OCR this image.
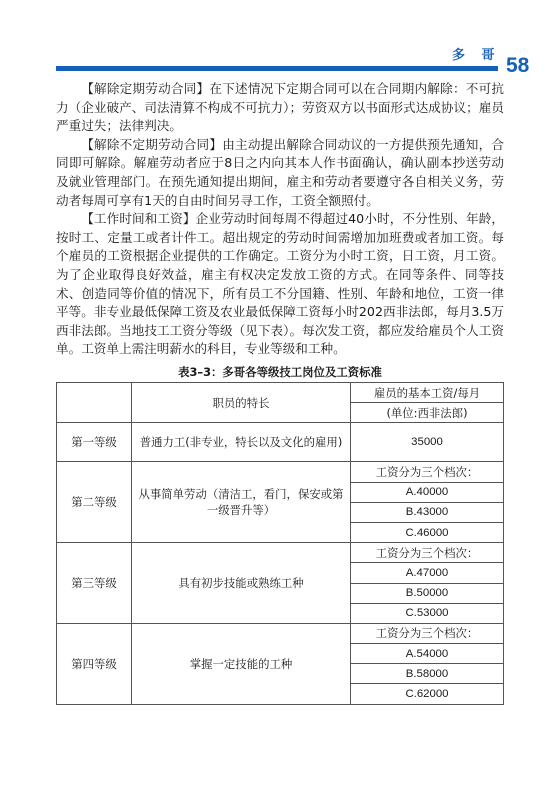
多 哥 58

【解除定期劳动合同】在下述情况下定期合同可以在合同期内解除：不可抗力（企业破产、司法清算不构成不可抗力）；劳资双方以书面形式达成协议；雇员严重过失；法律判决。

【解除不定期劳动合同】由主动提出解除合同动议的一方提供预先通知，合同即可解除。解雇劳动者应于8日之内向其本人作书面确认，确认副本抄送劳动及就业管理部门。在预先通知提出期间，雇主和劳动者要遵守各自相关义务，劳动者每周可享有1天的自由时间另寻工作，工资全额照付。

【工作时间和工资】企业劳动时间每周不得超过40小时，不分性别、年龄，按时工、定量工或者计件工。超出规定的劳动时间需增加加班费或者加工资。每个雇员的工资根据企业提供的工作确定。工资分为小时工资，日工资，月工资。为了企业取得良好效益，雇主有权决定发放工资的方式。在同等条件、同等技术、创造同等价值的情况下，所有员工不分国籍、性别、年龄和地位，工资一律平等。非专业最低保障工资及农业最低保障工资每小时202西非法郎，每月3.5万西非法郎。当地技工工资分等级（见下表）。每次发工资，都应发给雇员个人工资单。工资单上需注明薪水的科目，专业等级和工种。

表3–3：多哥各等级技工岗位及工资标准
	职员的特长	雇员的基本工资/每月
		(单位:西非法郎)
第一等级	普通力工(非专业，特长以及文化的雇用)	35000
第二等级	从事简单劳动（清洁工，看门，保安或第一级晋升等）	工资分为三个档次：
		A.40000
		B.43000
		C.46000
第三等级	具有初步技能或熟练工种	工资分为三个档次：
		A.47000
		B.50000
		C.53000
第四等级	掌握一定技能的工种	工资分为三个档次：
		A.54000
		B.58000
		C.62000
